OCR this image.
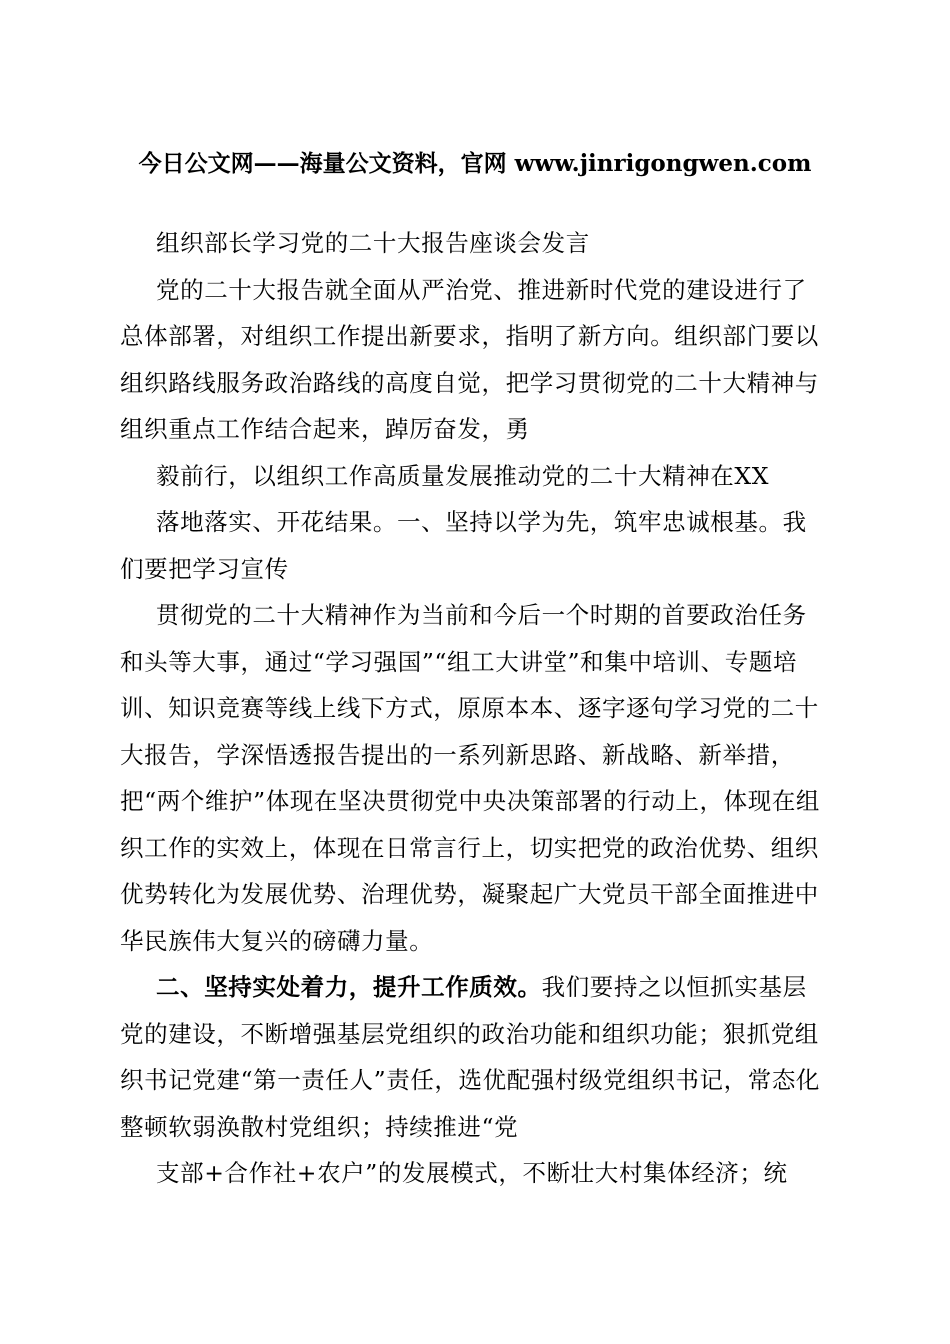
今日公文网——海量公文资料，官网 www.jinrigongwen.com

组织部长学习党的二十大报告座谈会发言

党的二十大报告就全面从严治党、推进新时代党的建设进行了总体部署，对组织工作提出新要求，指明了新方向。组织部门要以组织路线服务政治路线的高度自觉，把学习贯彻党的二十大精神与组织重点工作结合起来，踔厉奋发，勇

毅前行，以组织工作高质量发展推动党的二十大精神在XX

落地落实、开花结果。一、坚持以学为先，筑牢忠诚根基。我们要把学习宣传

贯彻党的二十大精神作为当前和今后一个时期的首要政治任务和头等大事，通过“学习强国”“组工大讲堂”和集中培训、专题培训、知识竞赛等线上线下方式，原原本本、逐字逐句学习党的二十大报告，学深悟透报告提出的一系列新思路、新战略、新举措，把“两个维护”体现在坚决贯彻党中央决策部署的行动上，体现在组织工作的实效上，体现在日常言行上，切实把党的政治优势、组织优势转化为发展优势、治理优势，凝聚起广大党员干部全面推进中华民族伟大复兴的磅礴力量。

二、坚持实处着力，提升工作质效。我们要持之以恒抓实基层党的建设，不断增强基层党组织的政治功能和组织功能；狠抓党组织书记党建“第一责任人”责任，选优配强村级党组织书记，常态化整顿软弱涣散村党组织；持续推进“党

支部+合作社+农户”的发展模式，不断壮大村集体经济；统
